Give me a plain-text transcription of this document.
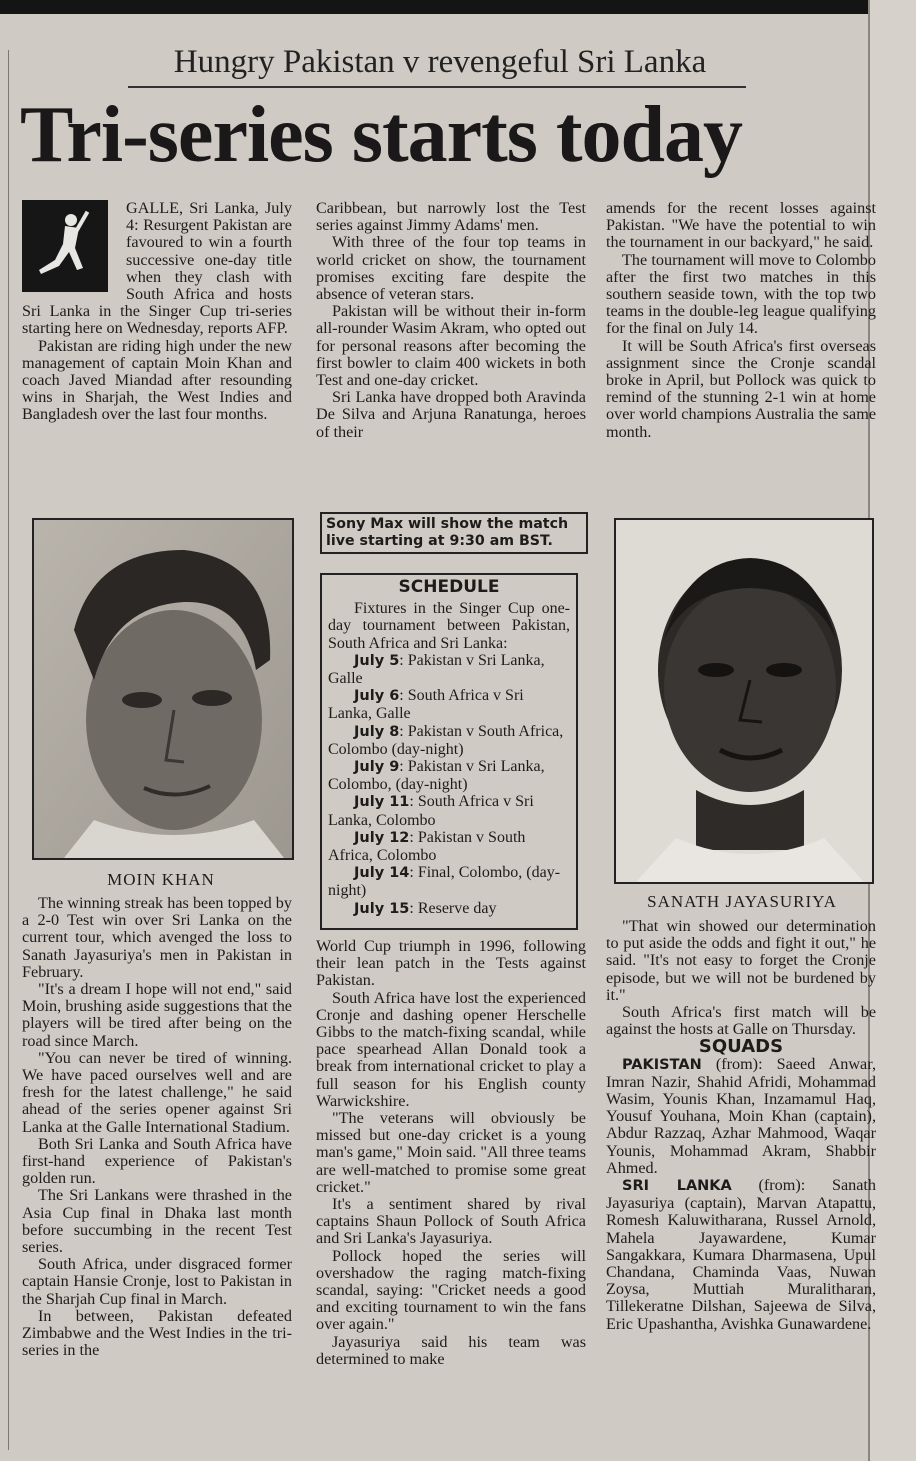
Hungry Pakistan v revengeful Sri Lanka
Tri-series starts today

GALLE, Sri Lanka, July 4: Resurgent Pakistan are favoured to win a fourth successive one-day title when they clash with South Africa and hosts Sri Lanka in the Singer Cup tri-series starting here on Wednesday, reports AFP.

Pakistan are riding high under the new management of captain Moin Khan and coach Javed Miandad after resounding wins in Sharjah, the West Indies and Bangladesh over the last four months.

MOIN KHAN

The winning streak has been topped by a 2-0 Test win over Sri Lanka on the current tour, which avenged the loss to Sanath Jayasuriya's men in Pakistan in February.

"It's a dream I hope will not end," said Moin, brushing aside suggestions that the players will be tired after being on the road since March.

"You can never be tired of winning. We have paced ourselves well and are fresh for the latest challenge," he said ahead of the series opener against Sri Lanka at the Galle International Stadium.

Both Sri Lanka and South Africa have first-hand experience of Pakistan's golden run.

The Sri Lankans were thrashed in the Asia Cup final in Dhaka last month before succumbing in the recent Test series.

South Africa, under disgraced former captain Hansie Cronje, lost to Pakistan in the Sharjah Cup final in March.

In between, Pakistan defeated Zimbabwe and the West Indies in the tri-series in the

Caribbean, but narrowly lost the Test series against Jimmy Adams' men.

With three of the four top teams in world cricket on show, the tournament promises exciting fare despite the absence of veteran stars.

Pakistan will be without their in-form all-rounder Wasim Akram, who opted out for personal reasons after becoming the first bowler to claim 400 wickets in both Test and one-day cricket.

Sri Lanka have dropped both Aravinda De Silva and Arjuna Ranatunga, heroes of their

Sony Max will show the match live starting at 9:30 am BST.
SCHEDULE

Fixtures in the Singer Cup one-day tournament between Pakistan, South Africa and Sri Lanka:

July 5: Pakistan v Sri Lanka, Galle
July 6: South Africa v Sri Lanka, Galle
July 8: Pakistan v South Africa, Colombo (day-night)
July 9: Pakistan v Sri Lanka, Colombo, (day-night)
July 11: South Africa v Sri Lanka, Colombo
July 12: Pakistan v South Africa, Colombo
July 14: Final, Colombo, (day-night)
July 15: Reserve day

World Cup triumph in 1996, following their lean patch in the Tests against Pakistan.

South Africa have lost the experienced Cronje and dashing opener Herschelle Gibbs to the match-fixing scandal, while pace spearhead Allan Donald took a break from international cricket to play a full season for his English county Warwickshire.

"The veterans will obviously be missed but one-day cricket is a young man's game," Moin said. "All three teams are well-matched to promise some great cricket."

It's a sentiment shared by rival captains Shaun Pollock of South Africa and Sri Lanka's Jayasuriya.

Pollock hoped the series will overshadow the raging match-fixing scandal, saying: "Cricket needs a good and exciting tournament to win the fans over again."

Jayasuriya said his team was determined to make

amends for the recent losses against Pakistan. "We have the potential to win the tournament in our backyard," he said.

The tournament will move to Colombo after the first two matches in this southern seaside town, with the top two teams in the double-leg league qualifying for the final on July 14.

It will be South Africa's first overseas assignment since the Cronje scandal broke in April, but Pollock was quick to remind of the stunning 2-1 win at home over world champions Australia the same month.

SANATH JAYASURIYA

"That win showed our determination to put aside the odds and fight it out," he said. "It's not easy to forget the Cronje episode, but we will not be burdened by it."

South Africa's first match will be against the hosts at Galle on Thursday.

SQUADS

PAKISTAN (from): Saeed Anwar, Imran Nazir, Shahid Afridi, Mohammad Wasim, Younis Khan, Inzamamul Haq, Yousuf Youhana, Moin Khan (captain), Abdur Razzaq, Azhar Mahmood, Waqar Younis, Mohammad Akram, Shabbir Ahmed.

SRI LANKA (from): Sanath Jayasuriya (captain), Marvan Atapattu, Romesh Kaluwitharana, Russel Arnold, Mahela Jayawardene, Kumar Sangakkara, Kumara Dharmasena, Upul Chandana, Chaminda Vaas, Nuwan Zoysa, Muttiah Muralitharan, Tillekeratne Dilshan, Sajeewa de Silva, Eric Upashantha, Avishka Gunawardene.
